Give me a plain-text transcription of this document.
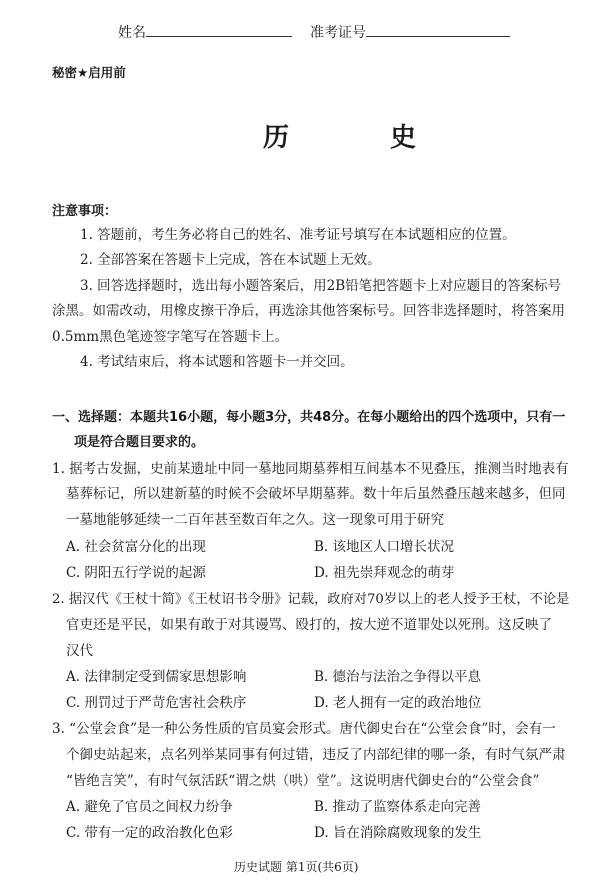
姓名	准考证号
秘密★启用前
历 史
注意事项：
1. 答题前，考生务必将自己的姓名、准考证号填写在本试题相应的位置。
2. 全部答案在答题卡上完成，答在本试题上无效。
3. 回答选择题时，选出每小题答案后，用2B铅笔把答题卡上对应题目的答案标号
涂黑。如需改动，用橡皮擦干净后，再选涂其他答案标号。回答非选择题时，将答案用
0.5mm黑色笔迹签字笔写在答题卡上。
4. 考试结束后，将本试题和答题卡一并交回。
一、选择题：本题共16小题，每小题3分，共48分。在每小题给出的四个选项中，只有一
项是符合题目要求的。
1. 据考古发掘，史前某遗址中同一墓地同期墓葬相互间基本不见叠压，推测当时地表有
墓葬标记，所以建新墓的时候不会破坏早期墓葬。数十年后虽然叠压越来越多，但同
一墓地能够延续一二百年甚至数百年之久。这一现象可用于研究
A. 社会贫富分化的出现	B. 该地区人口增长状况
C. 阴阳五行学说的起源	D. 祖先崇拜观念的萌芽
2. 据汉代《王杖十简》《王杖诏书令册》记载，政府对70岁以上的老人授予王杖，不论是
官吏还是平民，如果有敢于对其谩骂、殴打的，按大逆不道罪处以死刑。这反映了
汉代
A. 法律制定受到儒家思想影响	B. 德治与法治之争得以平息
C. 刑罚过于严苛危害社会秩序	D. 老人拥有一定的政治地位
3. “公堂会食”是一种公务性质的官员宴会形式。唐代御史台在“公堂会食”时，会有一
个御史站起来，点名列举某同事有何过错，违反了内部纪律的哪一条，有时气氛严肃
“皆绝言笑”，有时气氛活跃“谓之烘（哄）堂”。这说明唐代御史台的“公堂会食”
A. 避免了官员之间权力纷争	B. 推动了监察体系走向完善
C. 带有一定的政治教化色彩	D. 旨在消除腐败现象的发生
历史试题 第1页(共6页)
